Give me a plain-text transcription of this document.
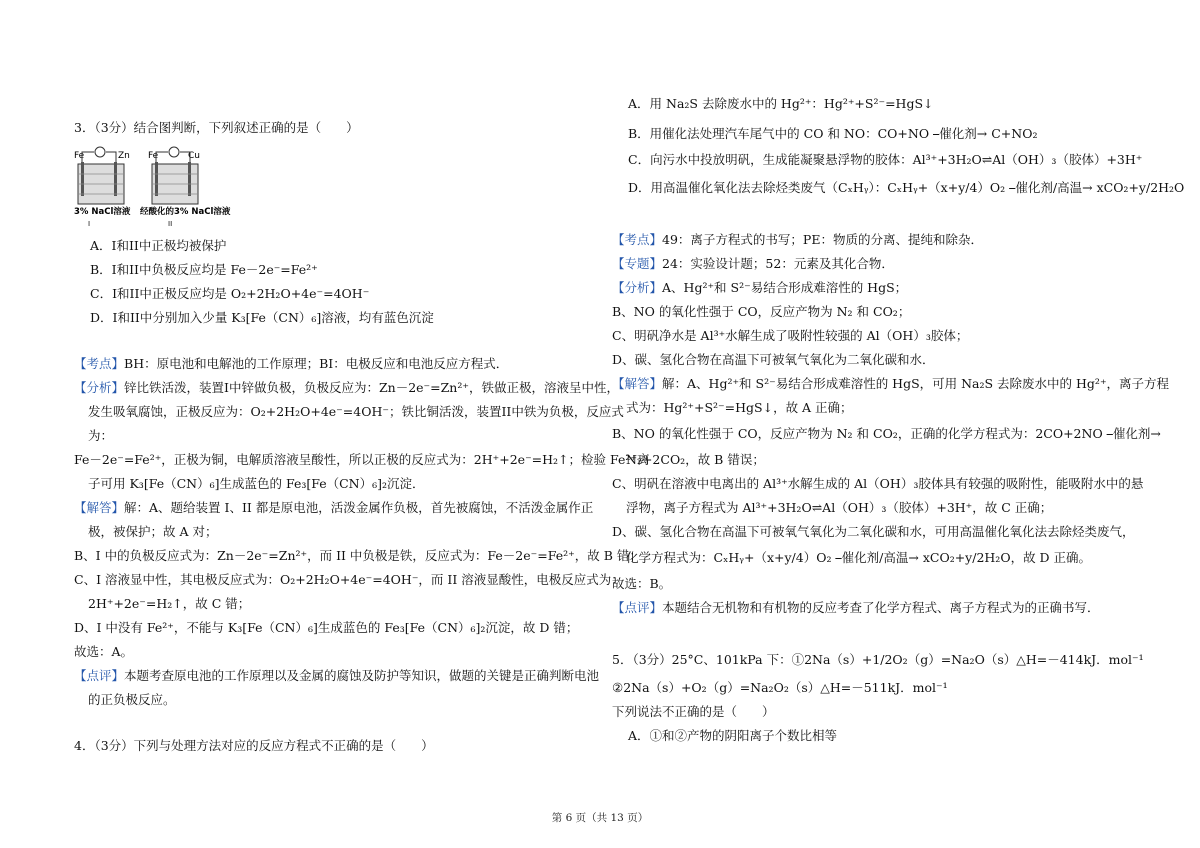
3．（3分）结合图判断，下列叙述正确的是（　　）
Fe	Zn Fe	Cu
3% NaCl溶液 经酸化的3% NaCl溶液
I	II
A．I和II中正极均被保护
B．I和II中负极反应均是 Fe－2e⁻=Fe²⁺
C．I和II中正极反应均是 O₂+2H₂O+4e⁻=4OH⁻
D．I和II中分别加入少量 K₃[Fe（CN）₆]溶液，均有蓝色沉淀
【考点】BH：原电池和电解池的工作原理；BI：电极反应和电池反应方程式．
【分析】锌比铁活泼，装置I中锌做负极，负极反应为：Zn－2e⁻=Zn²⁺，铁做正极，溶液呈中性，
发生吸氧腐蚀，正极反应为：O₂+2H₂O+4e⁻=4OH⁻；铁比铜活泼，装置II中铁为负极，反应式
为：
Fe－2e⁻=Fe²⁺，正极为铜，电解质溶液呈酸性，所以正极的反应式为：2H⁺+2e⁻=H₂↑；检验 Fe²⁺离
子可用 K₃[Fe（CN）₆]生成蓝色的 Fe₃[Fe（CN）₆]₂沉淀．
【解答】解：A、题给装置 I、II 都是原电池，活泼金属作负极，首先被腐蚀，不活泼金属作正
极，被保护；故 A 对；
B、I 中的负极反应式为：Zn－2e⁻=Zn²⁺，而 II 中负极是铁，反应式为：Fe－2e⁻=Fe²⁺，故 B 错；
C、I 溶液显中性，其电极反应式为：O₂+2H₂O+4e⁻=4OH⁻，而 II 溶液显酸性，电极反应式为：
2H⁺+2e⁻=H₂↑，故 C 错；
D、I 中没有 Fe²⁺，不能与 K₃[Fe（CN）₆]生成蓝色的 Fe₃[Fe（CN）₆]₂沉淀，故 D 错；
故选：A。
【点评】本题考查原电池的工作原理以及金属的腐蚀及防护等知识，做题的关键是正确判断电池
的正负极反应。
4．（3分）下列与处理方法对应的反应方程式不正确的是（　　）
A．用 Na₂S 去除废水中的 Hg²⁺：Hg²⁺+S²⁻=HgS↓
B．用催化法处理汽车尾气中的 CO 和 NO：CO+NO ⎯催化剂→ C+NO₂
C．向污水中投放明矾，生成能凝聚悬浮物的胶体：Al³⁺+3H₂O⇌Al（OH）₃（胶体）+3H⁺
D．用高温催化氧化法去除烃类废气（CₓHᵧ）：CₓHᵧ+（x+y/4）O₂ ⎯催化剂/高温→ xCO₂+y/2H₂O
【考点】49：离子方程式的书写；PE：物质的分离、提纯和除杂．
【专题】24：实验设计题；52：元素及其化合物．
【分析】A、Hg²⁺和 S²⁻易结合形成难溶性的 HgS；
B、NO 的氧化性强于 CO，反应产物为 N₂ 和 CO₂；
C、明矾净水是 Al³⁺水解生成了吸附性较强的 Al（OH）₃胶体；
D、碳、氢化合物在高温下可被氧气氧化为二氧化碳和水．
【解答】解：A、Hg²⁺和 S²⁻易结合形成难溶性的 HgS，可用 Na₂S 去除废水中的 Hg²⁺，离子方程
式为：Hg²⁺+S²⁻=HgS↓，故 A 正确；
B、NO 的氧化性强于 CO，反应产物为 N₂ 和 CO₂，正确的化学方程式为：2CO+2NO ⎯催化剂→
N₂+2CO₂，故 B 错误；
C、明矾在溶液中电离出的 Al³⁺水解生成的 Al（OH）₃胶体具有较强的吸附性，能吸附水中的悬
浮物，离子方程式为 Al³⁺+3H₂O⇌Al（OH）₃（胶体）+3H⁺，故 C 正确；
D、碳、氢化合物在高温下可被氧气氧化为二氧化碳和水，可用高温催化氧化法去除烃类废气，
化学方程式为：CₓHᵧ+（x+y/4）O₂ ⎯催化剂/高温→ xCO₂+y/2H₂O，故 D 正确。
故选：B。
【点评】本题结合无机物和有机物的反应考查了化学方程式、离子方程式为的正确书写．
5．（3分）25°C、101kPa 下：①2Na（s）+1/2O₂（g）=Na₂O（s）△H=－414kJ．mol⁻¹
②2Na（s）+O₂（g）=Na₂O₂（s）△H=－511kJ．mol⁻¹
下列说法不正确的是（　　）
A．①和②产物的阴阳离子个数比相等
第 6 页（共 13 页）
